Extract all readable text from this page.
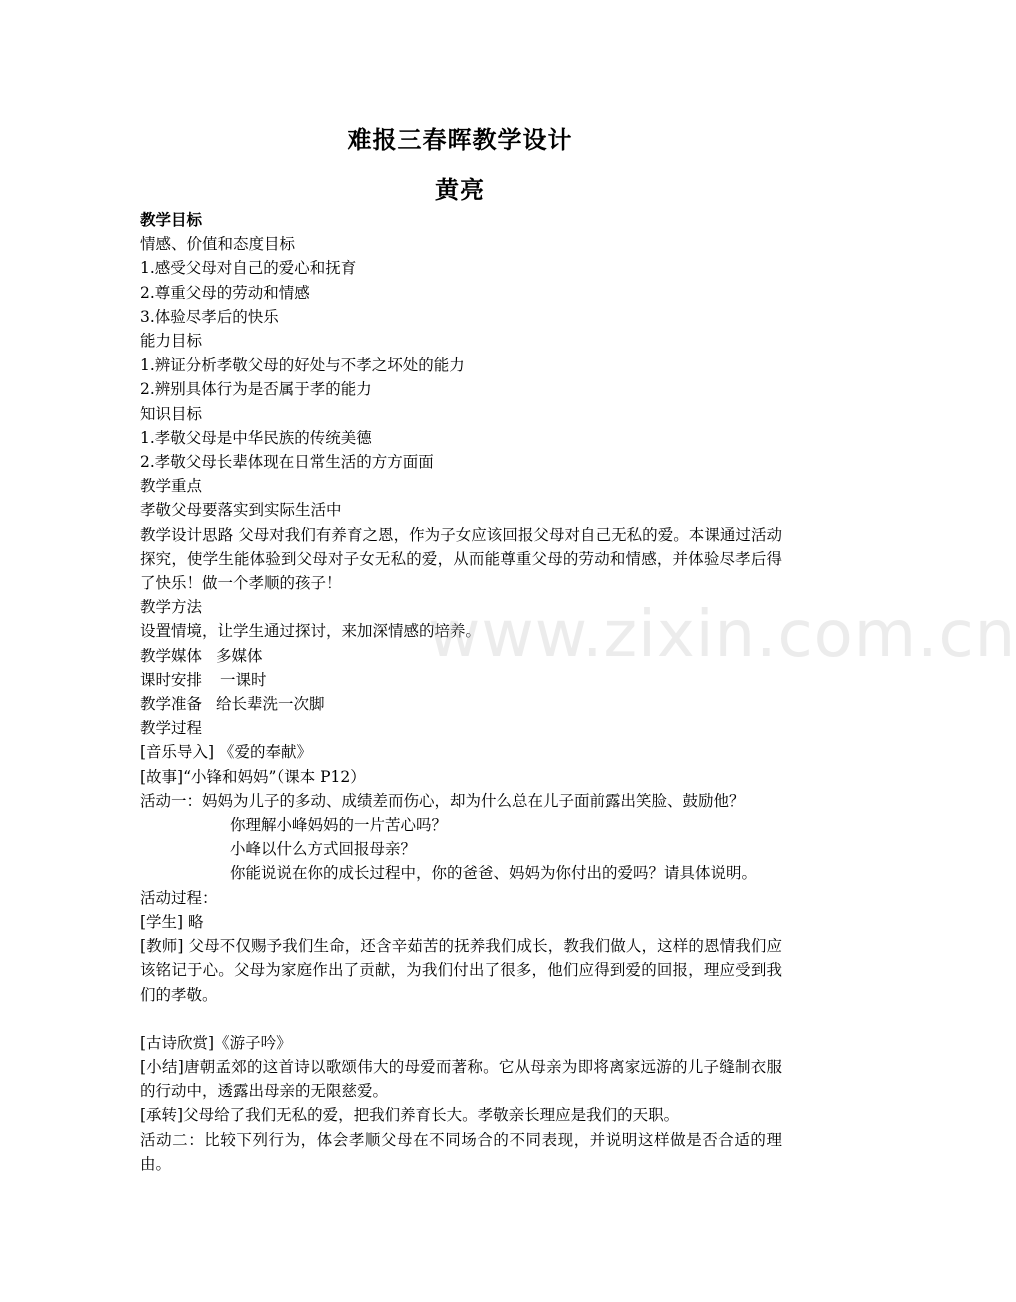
难报三春晖教学设计
黄亮

教学目标

情感、价值和态度目标

1.感受父母对自己的爱心和抚育

2.尊重父母的劳动和情感

3.体验尽孝后的快乐

能力目标

1.辨证分析孝敬父母的好处与不孝之坏处的能力

2.辨别具体行为是否属于孝的能力

知识目标

1.孝敬父母是中华民族的传统美德

2.孝敬父母长辈体现在日常生活的方方面面

教学重点

孝敬父母要落实到实际生活中

教学设计思路 父母对我们有养育之恩，作为子女应该回报父母对自己无私的爱。本课通过活动探究，使学生能体验到父母对子女无私的爱，从而能尊重父母的劳动和情感，并体验尽孝后得了快乐！做一个孝顺的孩子！

教学方法

设置情境，让学生通过探讨，来加深情感的培养。

教学媒体 多媒体

课时安排 一课时

教学准备 给长辈洗一次脚

教学过程

[音乐导入] 《爱的奉献》

[故事]“小锋和妈妈”（课本 P12）

活动一：妈妈为儿子的多动、成绩差而伤心，却为什么总在儿子面前露出笑脸、鼓励他？

你理解小峰妈妈的一片苦心吗？

小峰以什么方式回报母亲？

你能说说在你的成长过程中，你的爸爸、妈妈为你付出的爱吗？请具体说明。

活动过程：

[学生] 略

[教师] 父母不仅赐予我们生命，还含辛茹苦的抚养我们成长，教我们做人，这样的恩情我们应该铭记于心。父母为家庭作出了贡献，为我们付出了很多，他们应得到爱的回报，理应受到我们的孝敬。

[古诗欣赏]《游子吟》

[小结]唐朝孟郊的这首诗以歌颂伟大的母爱而著称。它从母亲为即将离家远游的儿子缝制衣服的行动中，透露出母亲的无限慈爱。

[承转]父母给了我们无私的爱，把我们养育长大。孝敬亲长理应是我们的天职。

活动二：比较下列行为，体会孝顺父母在不同场合的不同表现，并说明这样做是否合适的理由。

www.zixin.com.cn
